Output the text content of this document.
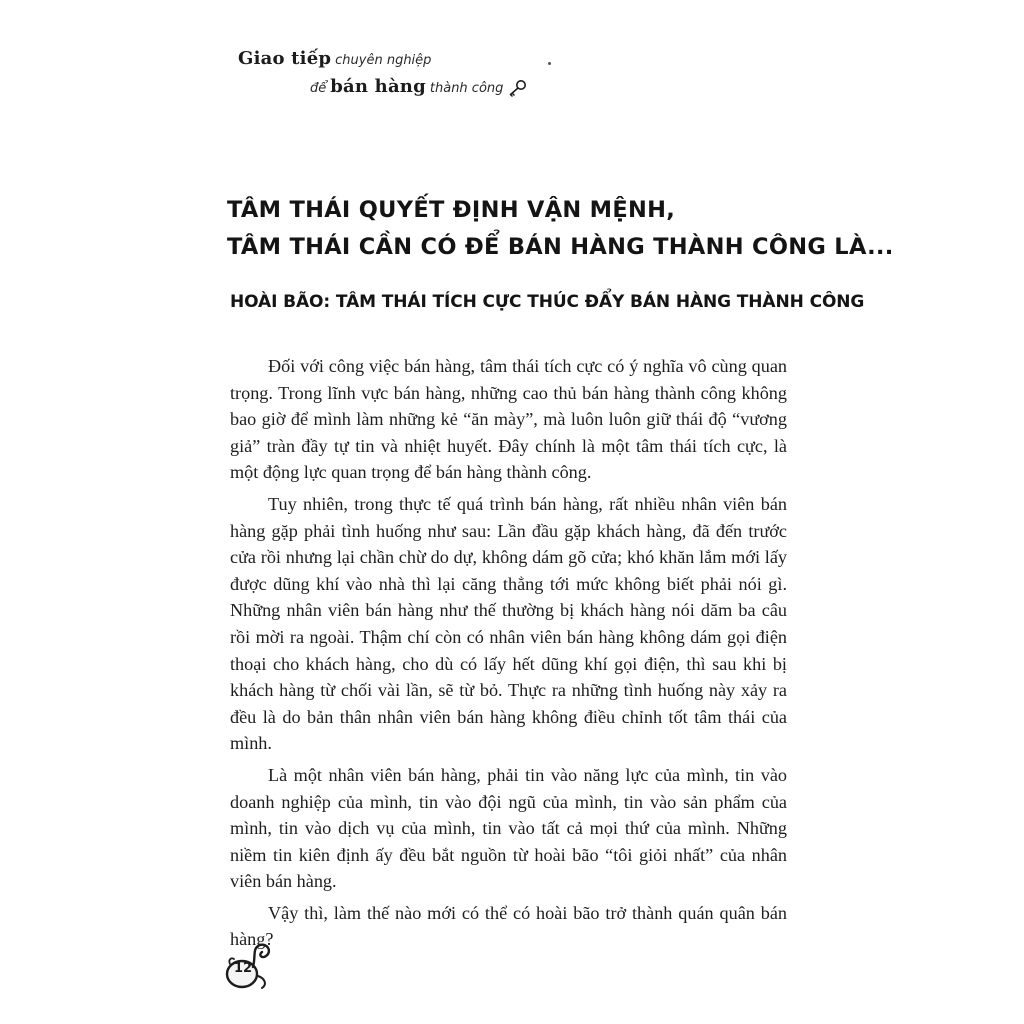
Giao tiếp chuyên nghiệp
để bán hàng thành công
TÂM THÁI QUYẾT ĐỊNH VẬN MỆNH,
TÂM THÁI CẦN CÓ ĐỂ BÁN HÀNG THÀNH CÔNG LÀ...
HOÀI BÃO: TÂM THÁI TÍCH CỰC THÚC ĐẨY BÁN HÀNG THÀNH CÔNG

Đối với công việc bán hàng, tâm thái tích cực có ý nghĩa vô cùng quan trọng. Trong lĩnh vực bán hàng, những cao thủ bán hàng thành công không bao giờ để mình làm những kẻ “ăn mày”, mà luôn luôn giữ thái độ “vương giả” tràn đầy tự tin và nhiệt huyết. Đây chính là một tâm thái tích cực, là một động lực quan trọng để bán hàng thành công.

Tuy nhiên, trong thực tế quá trình bán hàng, rất nhiều nhân viên bán hàng gặp phải tình huống như sau: Lần đầu gặp khách hàng, đã đến trước cửa rồi nhưng lại chần chừ do dự, không dám gõ cửa; khó khăn lắm mới lấy được dũng khí vào nhà thì lại căng thẳng tới mức không biết phải nói gì. Những nhân viên bán hàng như thế thường bị khách hàng nói dăm ba câu rồi mời ra ngoài. Thậm chí còn có nhân viên bán hàng không dám gọi điện thoại cho khách hàng, cho dù có lấy hết dũng khí gọi điện, thì sau khi bị khách hàng từ chối vài lần, sẽ từ bỏ. Thực ra những tình huống này xảy ra đều là do bản thân nhân viên bán hàng không điều chỉnh tốt tâm thái của mình.

Là một nhân viên bán hàng, phải tin vào năng lực của mình, tin vào doanh nghiệp của mình, tin vào đội ngũ của mình, tin vào sản phẩm của mình, tin vào dịch vụ của mình, tin vào tất cả mọi thứ của mình. Những niềm tin kiên định ấy đều bắt nguồn từ hoài bão “tôi giỏi nhất” của nhân viên bán hàng.

Vậy thì, làm thế nào mới có thể có hoài bão trở thành quán quân bán hàng?

12
